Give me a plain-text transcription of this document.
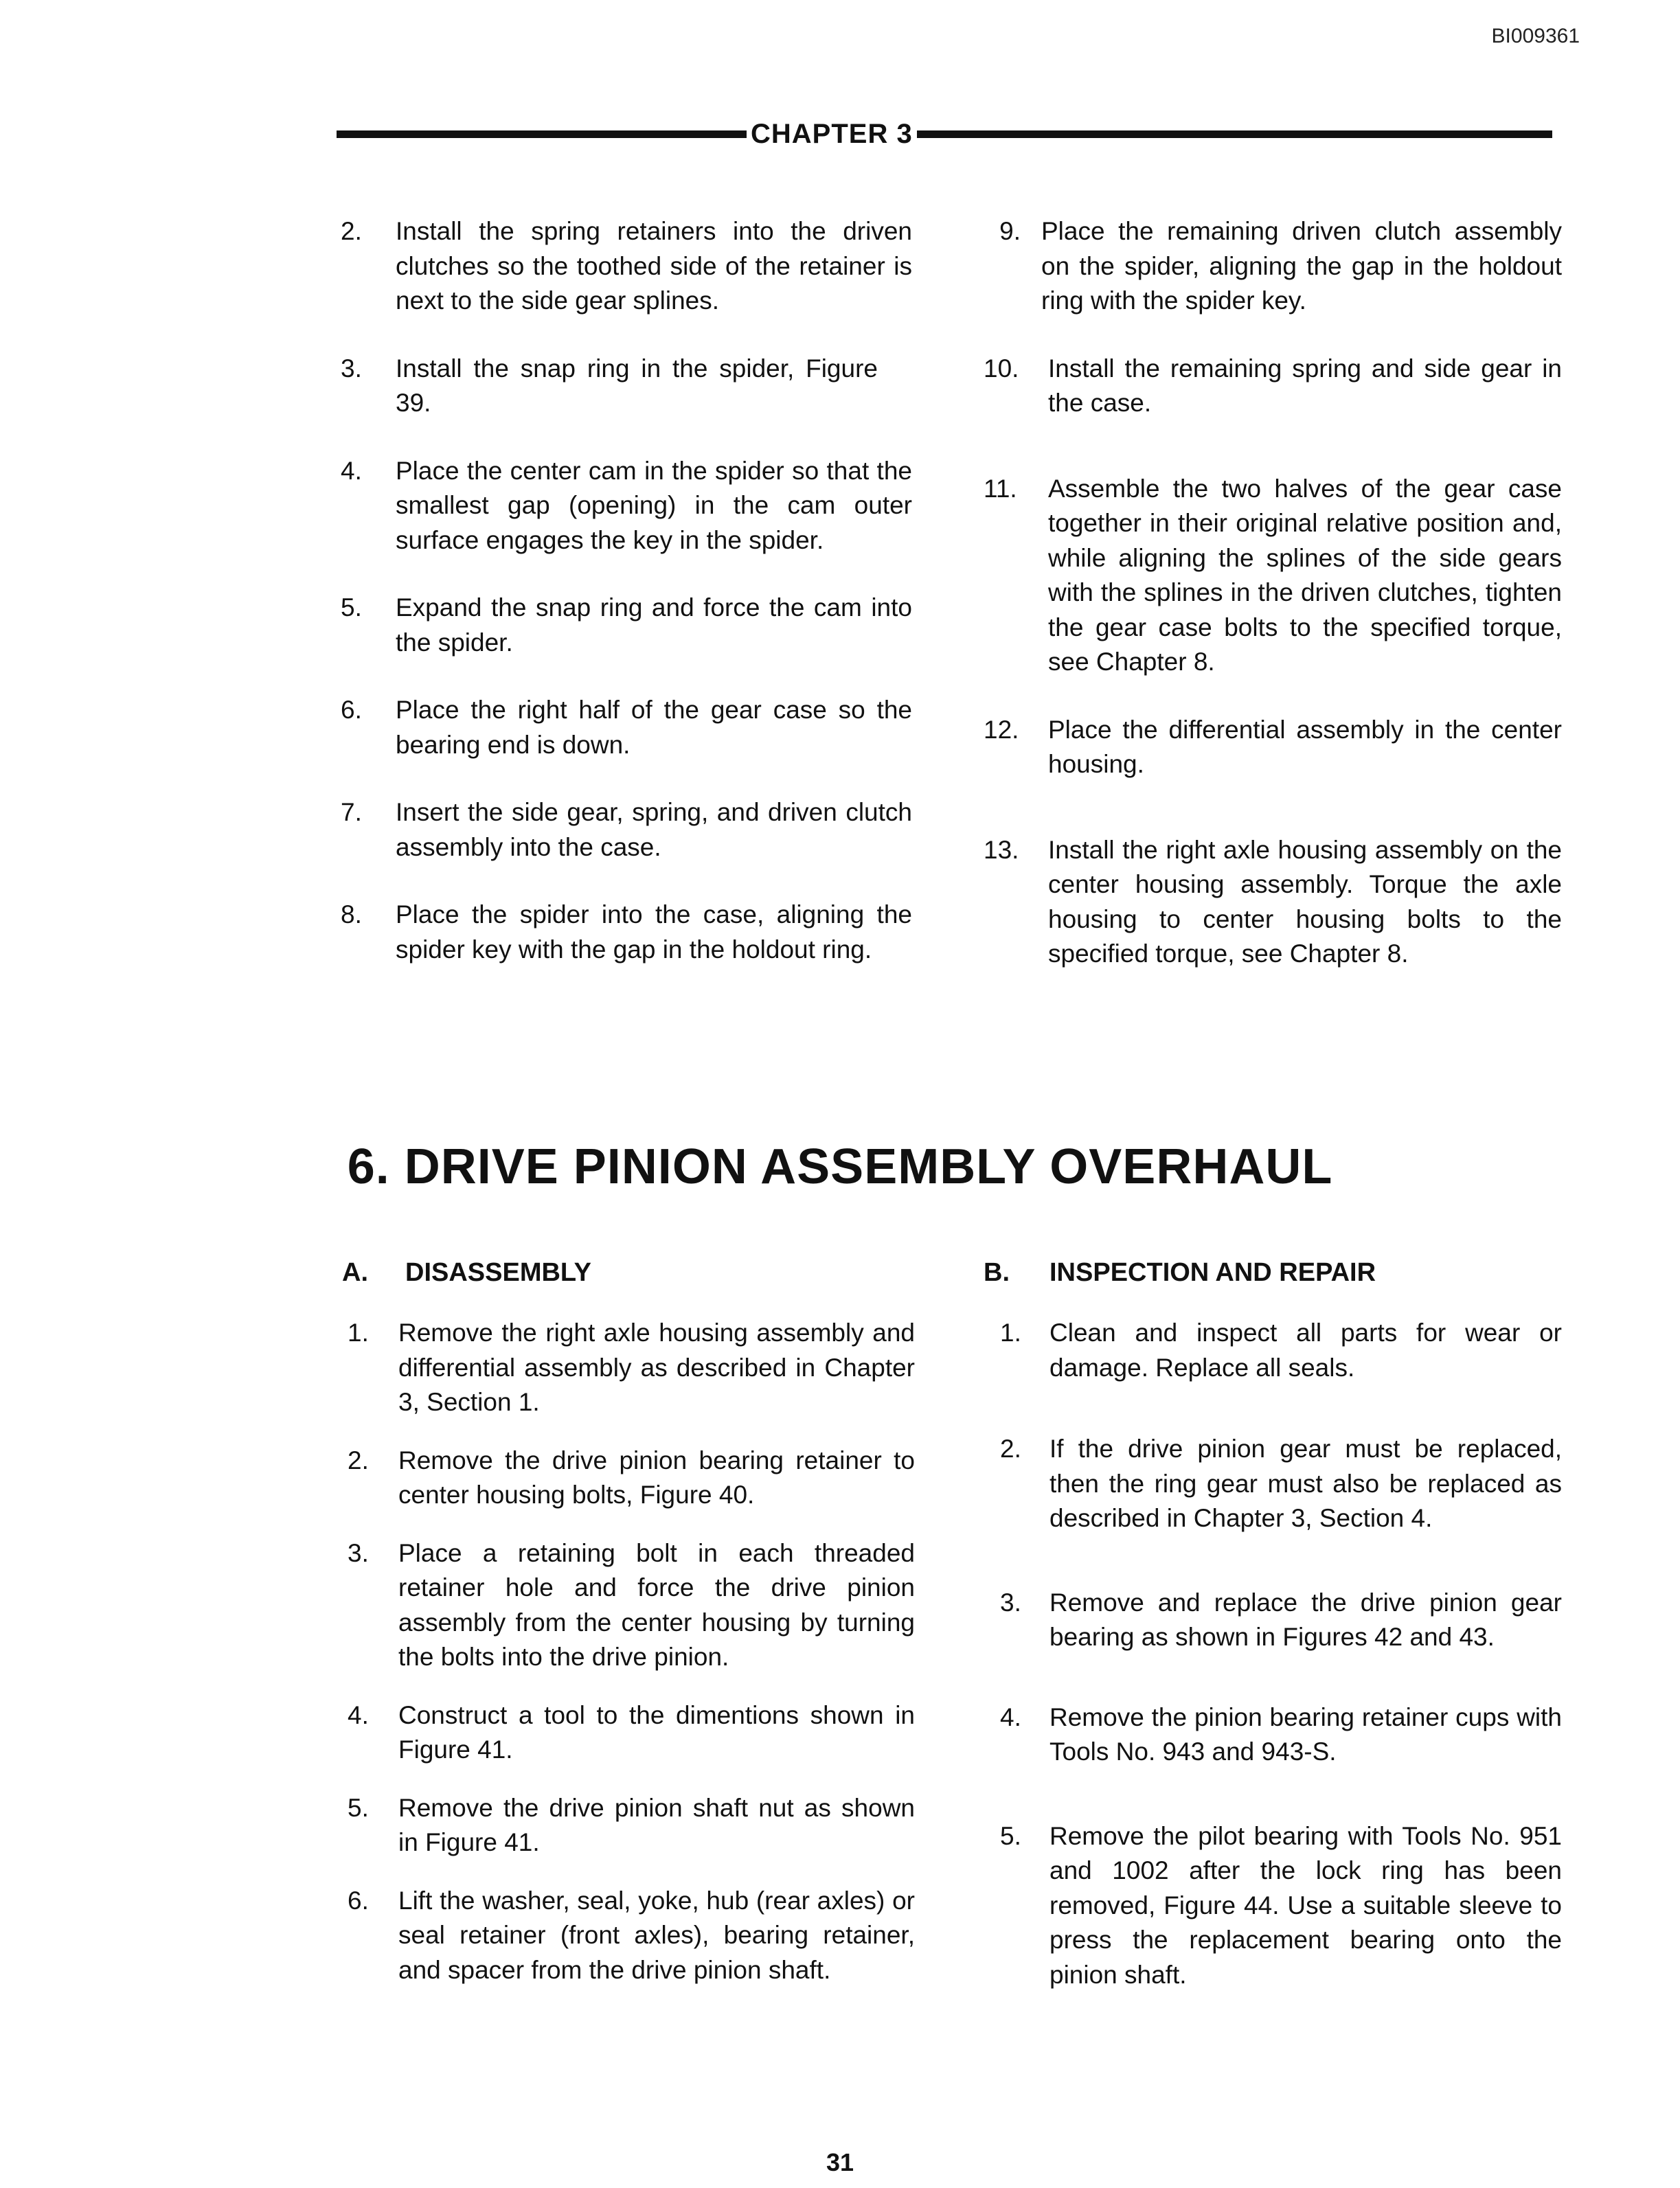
BI009361
CHAPTER 3
2.	Install the spring retainers into the driven clutches so the toothed side of the retainer is next to the side gear splines.
3.	Install the snap ring in the spider, Figure 39.
4.	Place the center cam in the spider so that the smallest gap (opening) in the cam outer surface engages the key in the spider.
5.	Expand the snap ring and force the cam into the spider.
6.	Place the right half of the gear case so the bearing end is down.
7.	Insert the side gear, spring, and driven clutch assembly into the case.
8.	Place the spider into the case, aligning the spider key with the gap in the holdout ring.
9. Place the remaining driven clutch assembly on the spider, aligning the gap in the holdout ring with the spider key.
10.	Install the remaining spring and side gear in the case.
11.	Assemble the two halves of the gear case together in their original relative position and, while aligning the splines of the side gears with the splines in the driven clutches, tighten the gear case bolts to the specified torque, see Chapter 8.
12.	Place the differential assembly in the center housing.
13.	Install the right axle housing assembly on the center housing assembly. Torque the axle housing to center housing bolts to the specified torque, see Chapter 8.
6. DRIVE PINION ASSEMBLY OVERHAUL
A. DISASSEMBLY	B. INSPECTION AND REPAIR
1.	Remove the right axle housing assembly and differential assembly as described in Chapter 3, Section 1.
2.	Remove the drive pinion bearing retainer to center housing bolts, Figure 40.
3.	Place a retaining bolt in each threaded retainer hole and force the drive pinion assembly from the center housing by turning the bolts into the drive pinion.
4.	Construct a tool to the dimentions shown in Figure 41.
5.	Remove the drive pinion shaft nut as shown in Figure 41.
6.	Lift the washer, seal, yoke, hub (rear axles) or seal retainer (front axles), bearing retainer, and spacer from the drive pinion shaft.
1.	Clean and inspect all parts for wear or damage. Replace all seals.
2.	If the drive pinion gear must be replaced, then the ring gear must also be replaced as described in Chapter 3, Section 4.
3.	Remove and replace the drive pinion gear bearing as shown in Figures 42 and 43.
4.	Remove the pinion bearing retainer cups with Tools No. 943 and 943-S.
5.	Remove the pilot bearing with Tools No. 951 and 1002 after the lock ring has been removed, Figure 44. Use a suitable sleeve to press the replacement bearing onto the pinion shaft.
31
